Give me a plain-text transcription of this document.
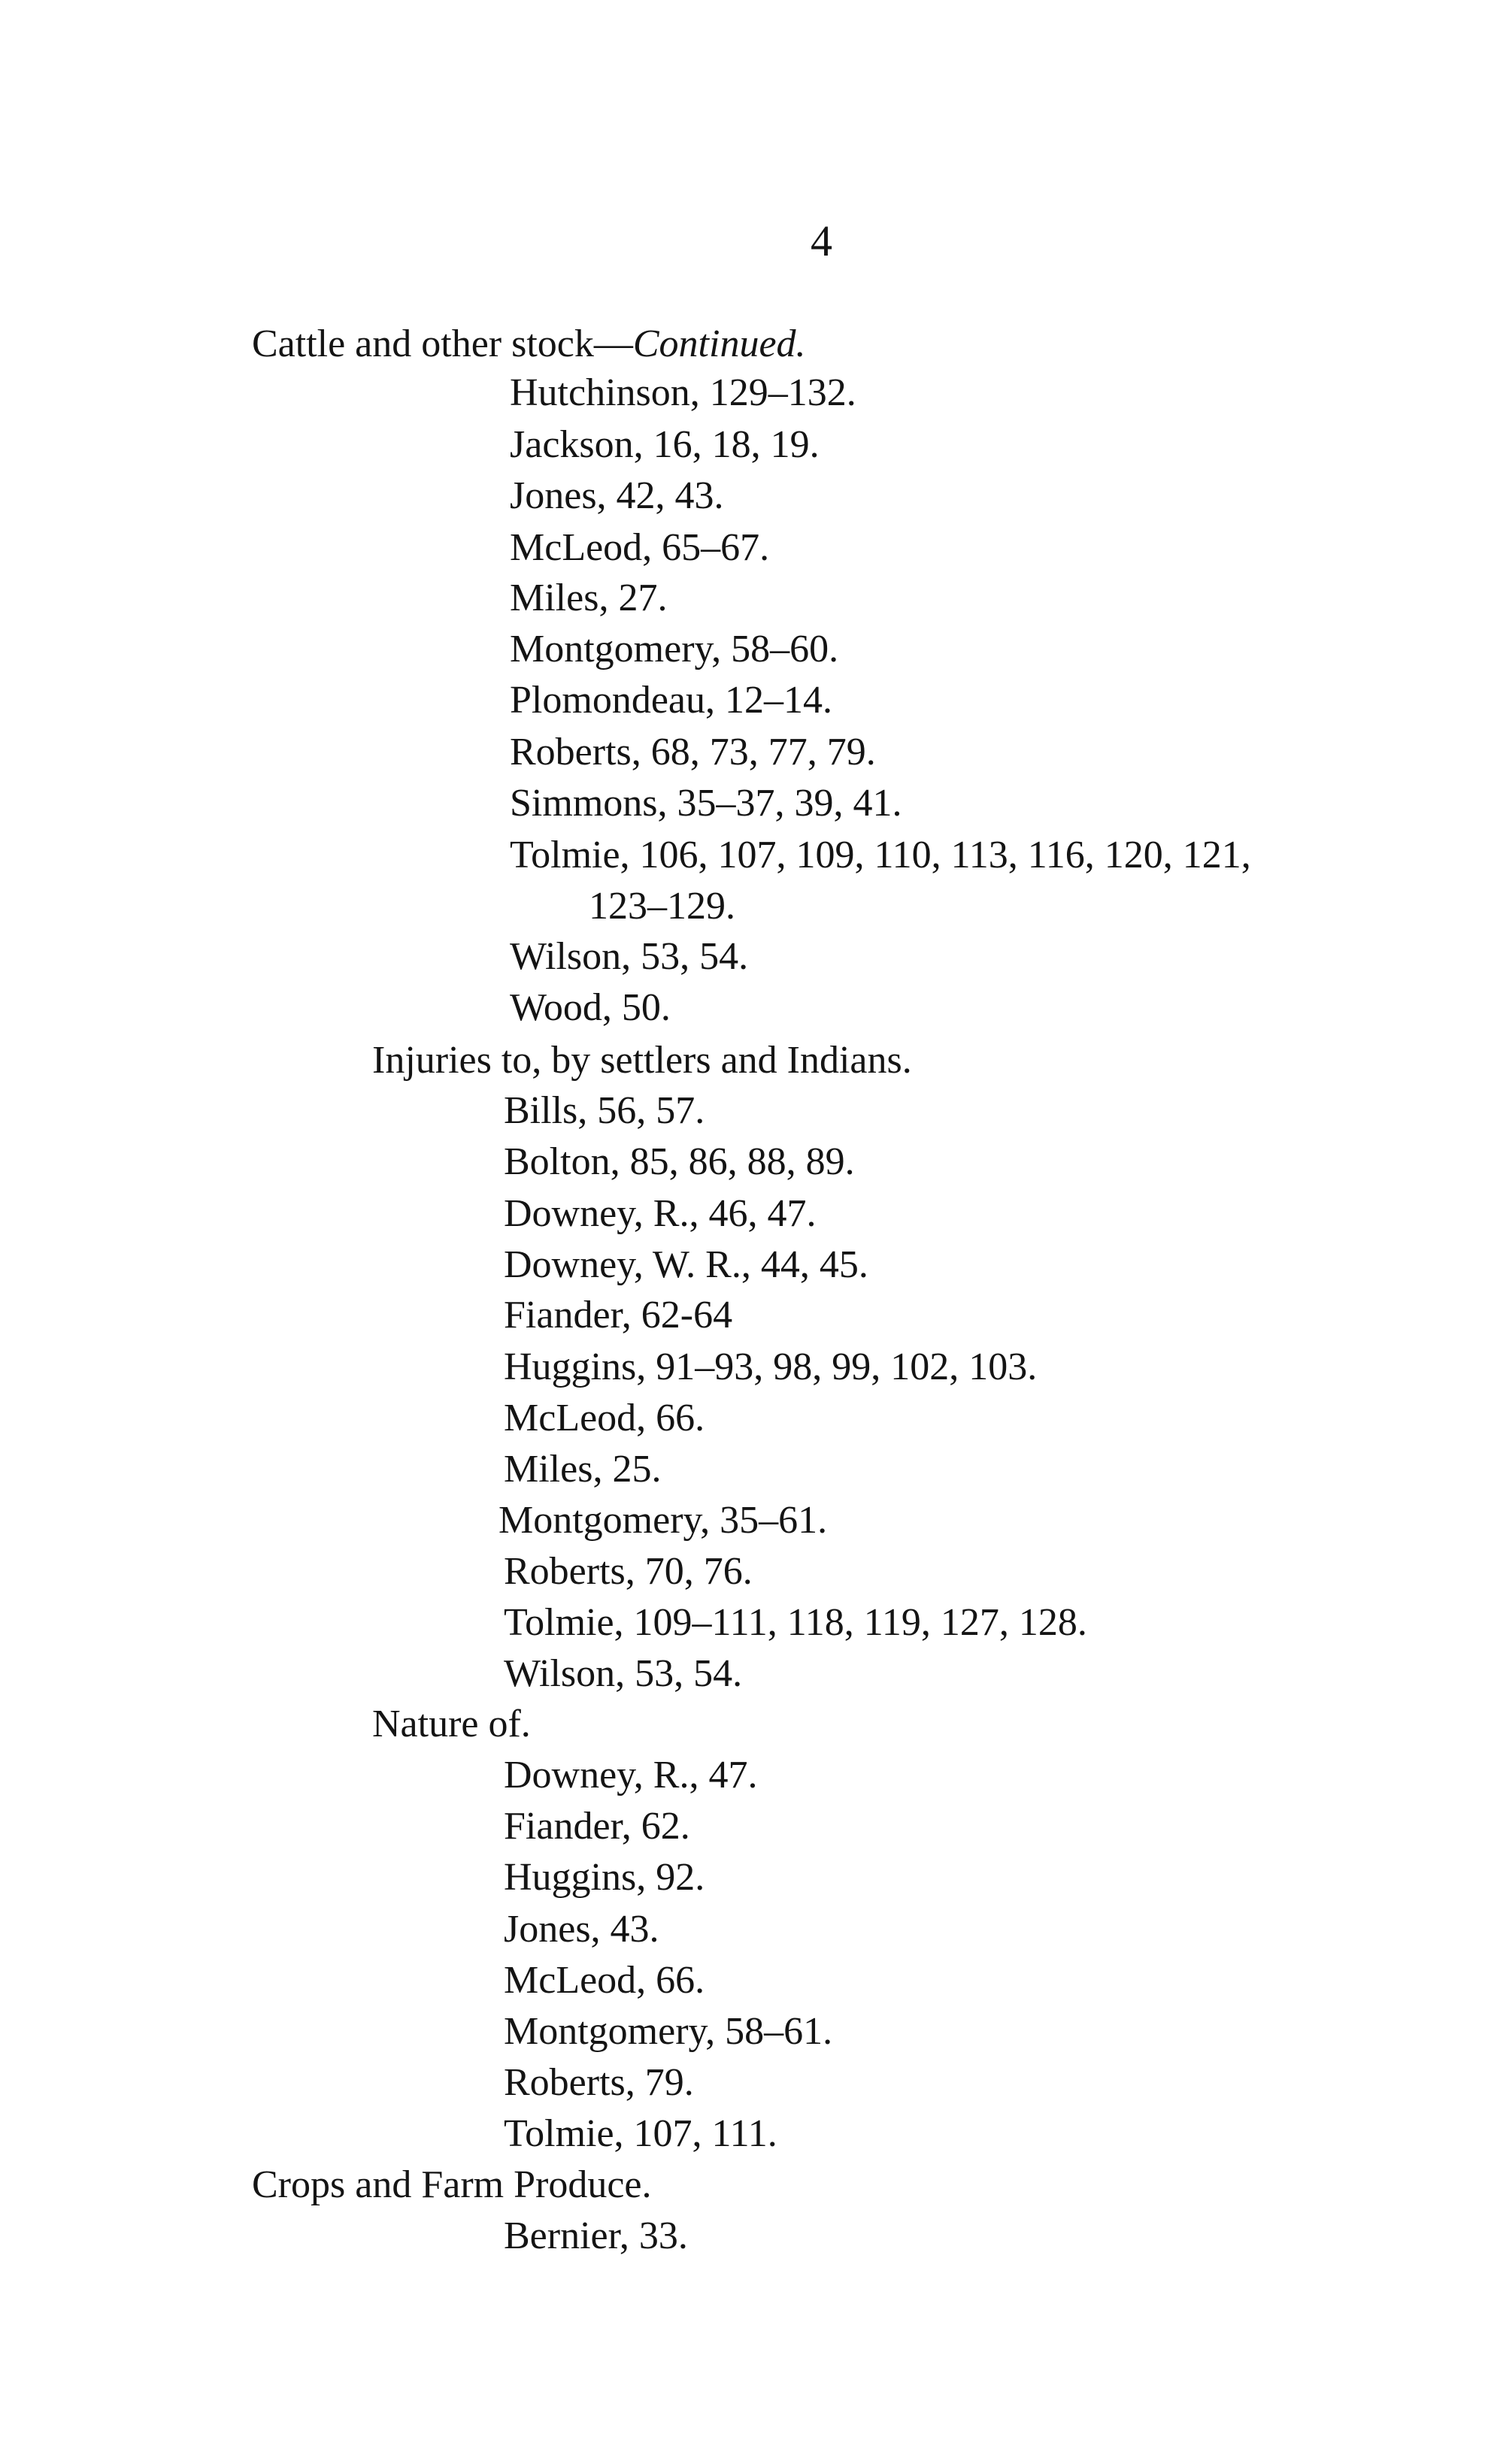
4
Cattle and other stock—Continued.
Hutchinson, 129–132.
Jackson, 16, 18, 19.
Jones, 42, 43.
McLeod, 65–67.
Miles, 27.
Montgomery, 58–60.
Plomondeau, 12–14.
Roberts, 68, 73, 77, 79.
Simmons, 35–37, 39, 41.
Tolmie, 106, 107, 109, 110, 113, 116, 120, 121,
123–129.
Wilson, 53, 54.
Wood, 50.
Injuries to, by settlers and Indians.
Bills, 56, 57.
Bolton, 85, 86, 88, 89.
Downey, R., 46, 47.
Downey, W. R., 44, 45.
Fiander, 62-64
Huggins, 91–93, 98, 99, 102, 103.
McLeod, 66.
Miles, 25.
Montgomery, 35–61.
Roberts, 70, 76.
Tolmie, 109–111, 118, 119, 127, 128.
Wilson, 53, 54.
Nature of.
Downey, R., 47.
Fiander, 62.
Huggins, 92.
Jones, 43.
McLeod, 66.
Montgomery, 58–61.
Roberts, 79.
Tolmie, 107, 111.
Crops and Farm Produce.
Bernier, 33.
